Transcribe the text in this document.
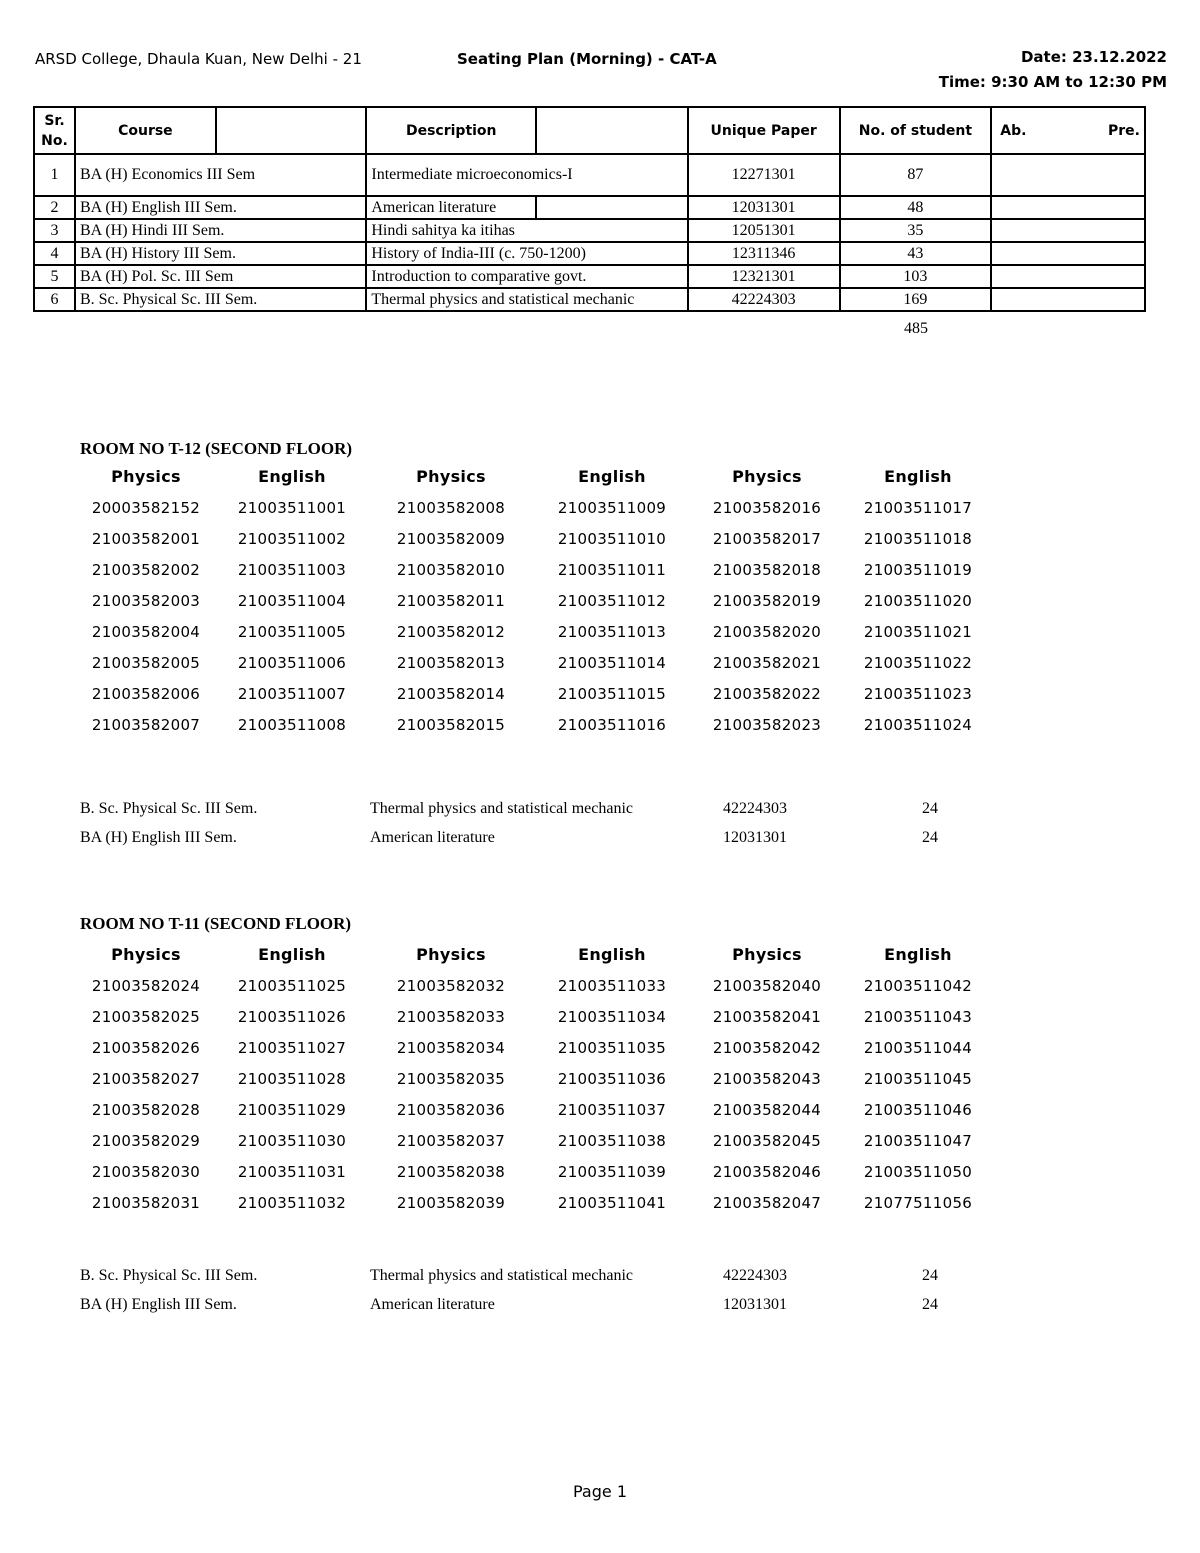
ARSD College, Dhaula Kuan, New Delhi - 21	Seating Plan (Morning) - CAT-A	Date: 23.12.2022
Time: 9:30 AM to 12:30 PM
Sr. No.	Course		Description		Unique Paper	No. of student	Ab. Pre.

1	BA (H) Economics III Sem		Intermediate microeconomics-I		12271301	87	
2	BA (H) English III Sem.		American literature		12031301	48	
3	BA (H) Hindi III Sem.		Hindi sahitya ka itihas		12051301	35	
4	BA (H) History III Sem.		History of India-III (c. 750-1200)		12311346	43	
5	BA (H) Pol. Sc. III Sem		Introduction to comparative govt.		12321301	103	
6	B. Sc. Physical Sc. III Sem.		Thermal physics and statistical mechanic		42224303	169	
485
ROOM NO T-12 (SECOND FLOOR)
Physics	English	Physics	English	Physics	English
20003582152	21003511001	21003582008	21003511009	21003582016	21003511017
21003582001	21003511002	21003582009	21003511010	21003582017	21003511018
21003582002	21003511003	21003582010	21003511011	21003582018	21003511019
21003582003	21003511004	21003582011	21003511012	21003582019	21003511020
21003582004	21003511005	21003582012	21003511013	21003582020	21003511021
21003582005	21003511006	21003582013	21003511014	21003582021	21003511022
21003582006	21003511007	21003582014	21003511015	21003582022	21003511023
21003582007	21003511008	21003582015	21003511016	21003582023	21003511024
B. Sc. Physical Sc. III Sem.	Thermal physics and statistical mechanic	42224303	24
BA (H) English III Sem.	American literature	12031301	24
ROOM NO T-11 (SECOND FLOOR)
Physics	English	Physics	English	Physics	English
21003582024	21003511025	21003582032	21003511033	21003582040	21003511042
21003582025	21003511026	21003582033	21003511034	21003582041	21003511043
21003582026	21003511027	21003582034	21003511035	21003582042	21003511044
21003582027	21003511028	21003582035	21003511036	21003582043	21003511045
21003582028	21003511029	21003582036	21003511037	21003582044	21003511046
21003582029	21003511030	21003582037	21003511038	21003582045	21003511047
21003582030	21003511031	21003582038	21003511039	21003582046	21003511050
21003582031	21003511032	21003582039	21003511041	21003582047	21077511056
B. Sc. Physical Sc. III Sem.	Thermal physics and statistical mechanic	42224303	24
BA (H) English III Sem.	American literature	12031301	24
Page 1
